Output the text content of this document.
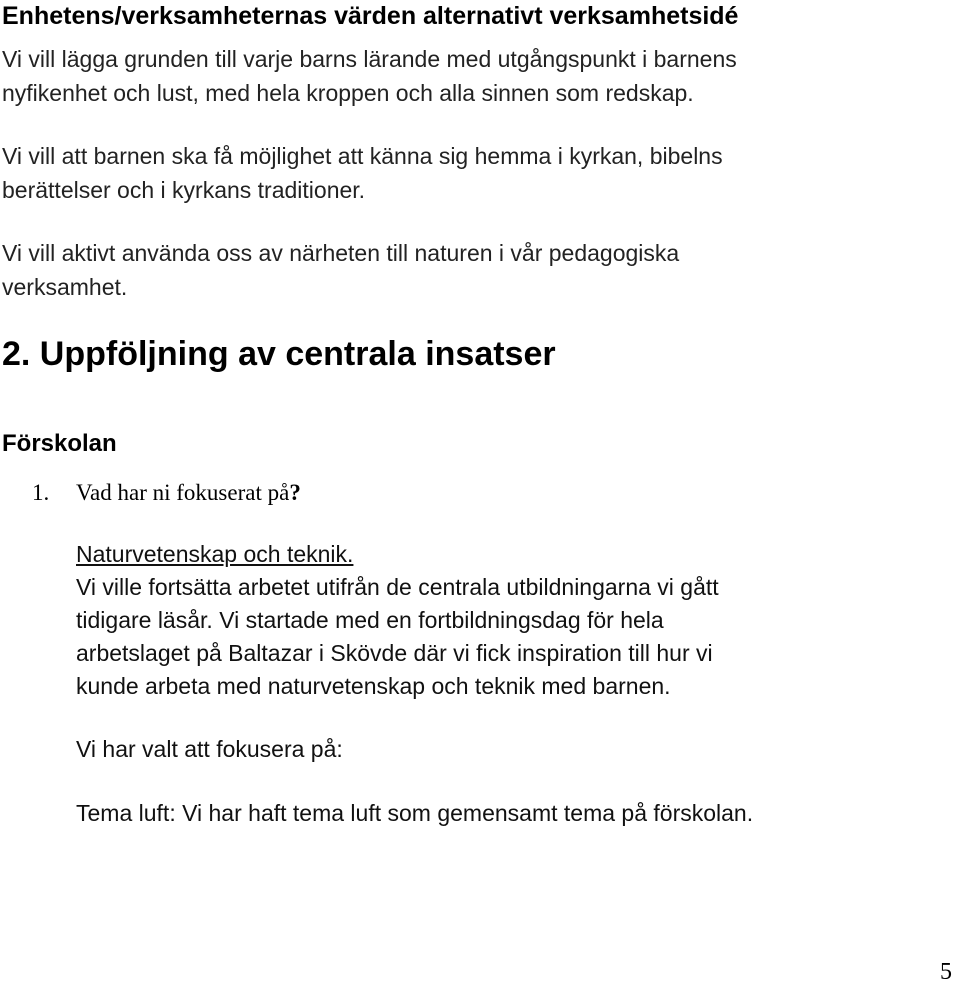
Enhetens/verksamheternas värden alternativt verksamhetsidé
Vi vill lägga grunden till varje barns lärande med utgångspunkt i barnens
nyfikenhet och lust, med hela kroppen och alla sinnen som redskap.
Vi vill att barnen ska få möjlighet att känna sig hemma i kyrkan, bibelns
berättelser och i kyrkans traditioner.
Vi vill aktivt använda oss av närheten till naturen i vår pedagogiska
verksamhet.
2. Uppföljning av centrala insatser
Förskolan
1. Vad har ni fokuserat på?
Naturvetenskap och teknik.
Vi ville fortsätta arbetet utifrån de centrala utbildningarna vi gått
tidigare läsår. Vi startade med en fortbildningsdag för hela
arbetslaget på Baltazar i Skövde där vi fick inspiration till hur vi
kunde arbeta med naturvetenskap och teknik med barnen.
Vi har valt att fokusera på:
Tema luft: Vi har haft tema luft som gemensamt tema på förskolan.
5
